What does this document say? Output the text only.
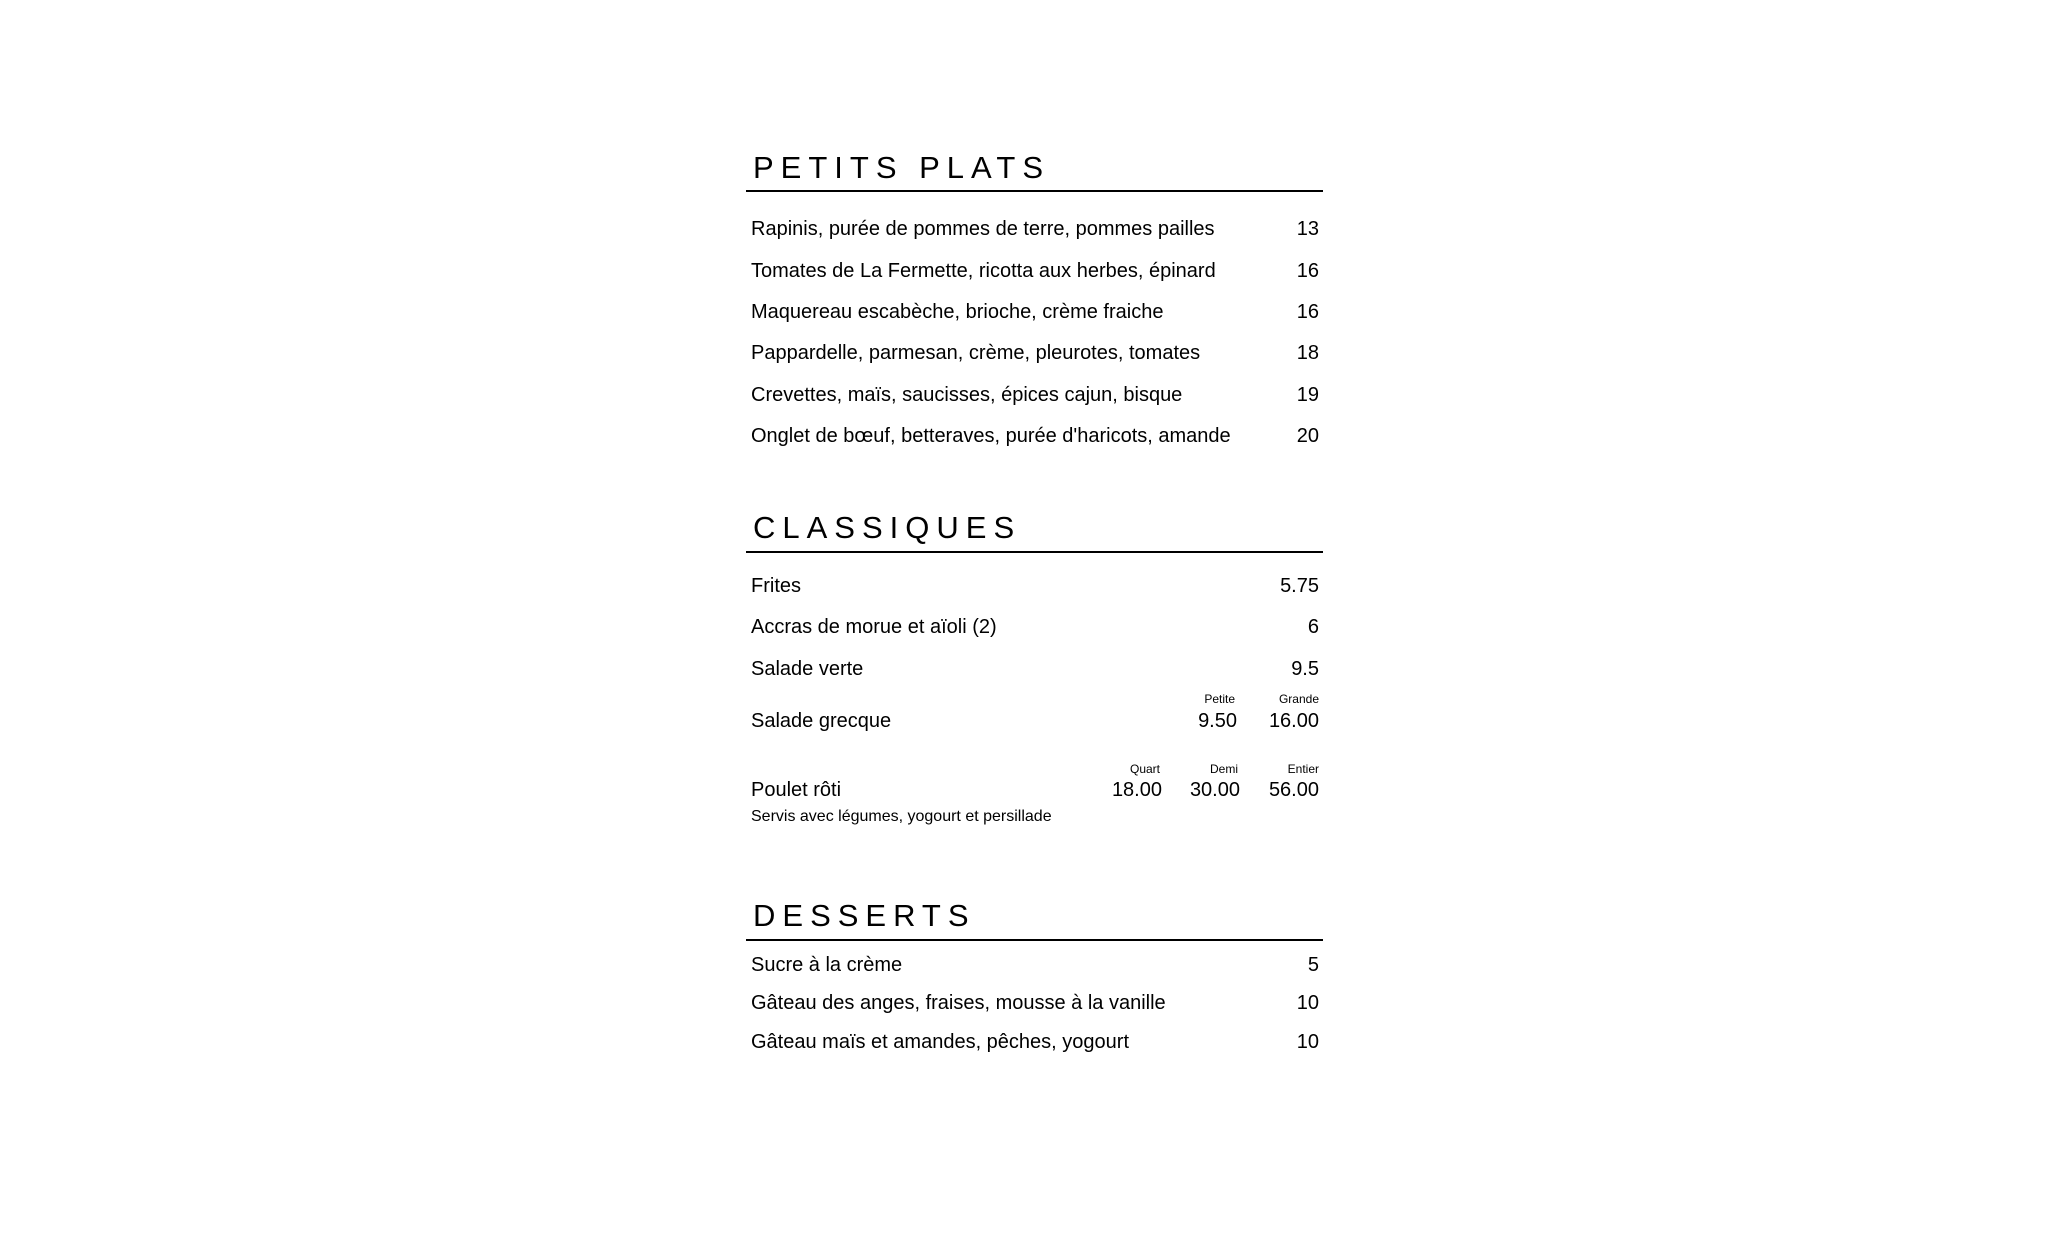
PETITS PLATS
Rapinis, purée de pommes de terre, pommes pailles	13
Tomates de La Fermette, ricotta aux herbes, épinard	16
Maquereau escabèche, brioche, crème fraiche	16
Pappardelle, parmesan, crème, pleurotes, tomates	18
Crevettes, maïs, saucisses, épices cajun, bisque	19
Onglet de bœuf, betteraves, purée d'haricots, amande	20
CLASSIQUES
Frites	5.75
Accras de morue et aïoli (2)	6
Salade verte	9.5
Petite	Grande
Salade grecque	9.50 16.00
Quart	Demi	Entier
Poulet rôti	18.00 30.00 56.00
Servis avec légumes, yogourt et persillade
DESSERTS
Sucre à la crème	5
Gâteau des anges, fraises, mousse à la vanille	10
Gâteau maïs et amandes, pêches, yogourt	10
